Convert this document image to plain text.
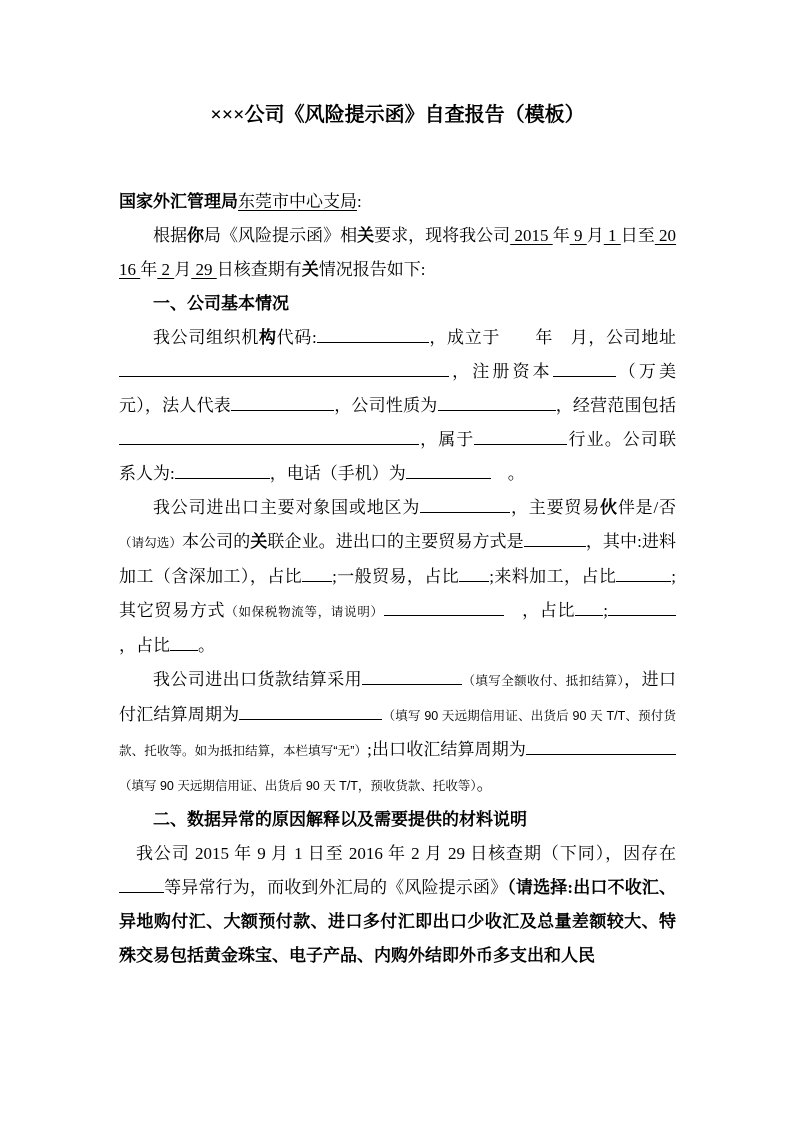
×××公司《风险提示函》自查报告（模板）

国家外汇管理局东莞市中心支局:

根据你局《风险提示函》相关要求，现将我公司 2015 年 9 月 1 日至 2016 年 2 月 29 日核查期有关情况报告如下:

一、公司基本情况

我公司组织机构代码:	，成立于　　年　月，公司地址，注册资本	（万美元），法人代表	，公司性质为	，经营范围包括，属于	行业。公司联系人为:	，电话（手机）为	　。

我公司进出口主要对象国或地区为	，主要贸易伙伴是/否（请勾选）本公司的关联企业。进出口的主要贸易方式是	，其中:进料加工（含深加工），占比 ;一般贸易，占比 ;来料加工，占比	;其它贸易方式（如保税物流等，请说明）	　，占比 ;，占比 。

我公司进出口货款结算采用	（填写全额收付、抵扣结算），进口付汇结算周期为	（填写 90 天远期信用证、出货后 90 天 T/T、预付货款、托收等。如为抵扣结算，本栏填写“无”）;出口收汇结算周期为（填写 90 天远期信用证、出货后 90 天 T/T，预收货款、托收等）。

二、数据异常的原因解释以及需要提供的材料说明

我公司 2015 年 9 月 1 日至 2016 年 2 月 29 日核查期（下同），因存在等异常行为，而收到外汇局的《风险提示函》（请选择:出口不收汇、异地购付汇、大额预付款、进口多付汇即出口少收汇及总量差额较大、特殊交易包括黄金珠宝、电子产品、内购外结即外币多支出和人民
